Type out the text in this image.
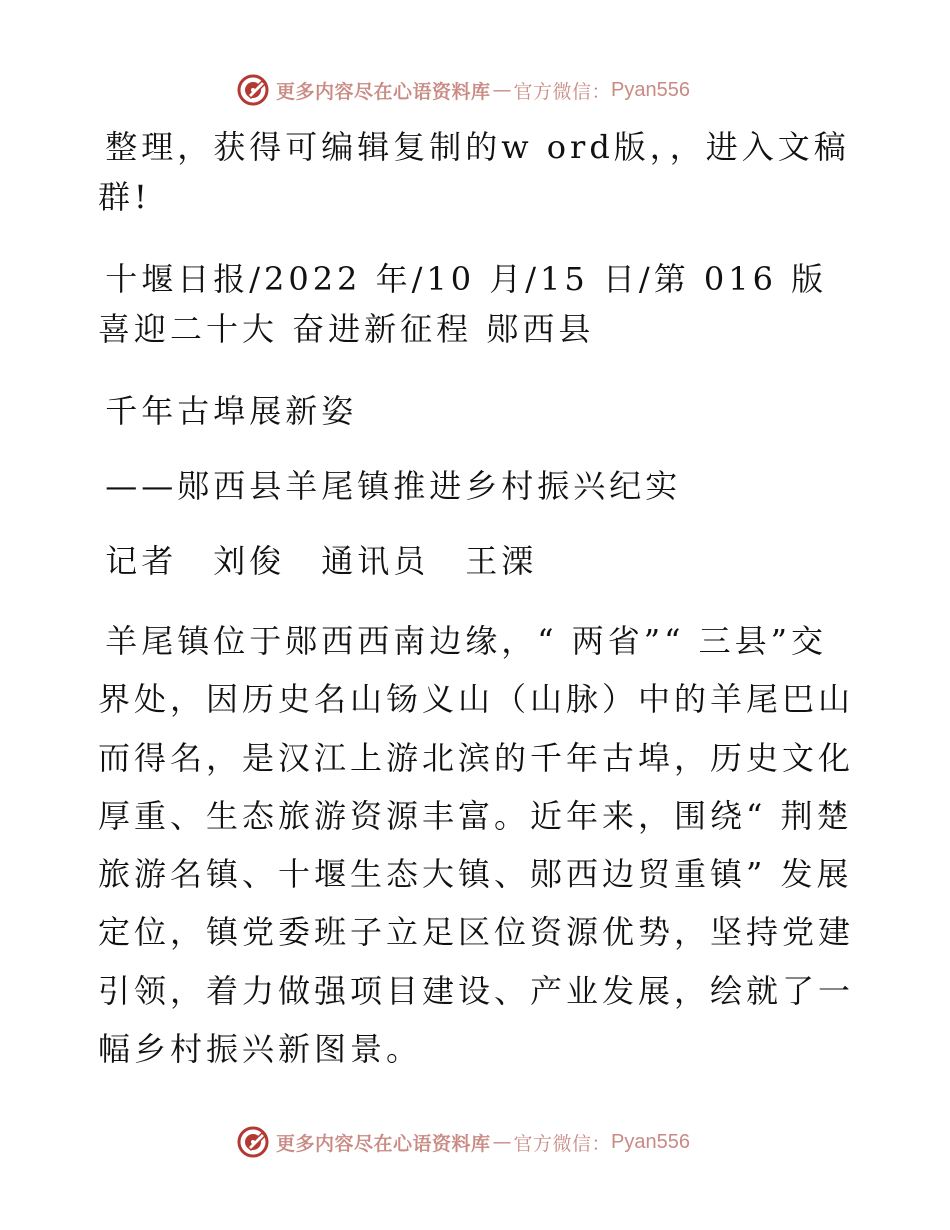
更多内容尽在心语资料库 — 官方微信： Pyan556
 整理，获得可编辑复制的w ord版，，进入文稿群!
 十堰日报/2022 年/10 月/15 日/第 016 版喜迎二十大 奋进新征程 郧西县
 千年古埠展新姿
 ——郧西县羊尾镇推进乡村振兴纪实
 记者　刘俊　通讯员　王溧
 羊尾镇位于郧西西南边缘，“ 两省”“ 三县”交界处，因历史名山钖义山（山脉）中的羊尾巴山而得名，是汉江上游北滨的千年古埠，历史文化厚重、生态旅游资源丰富。近年来，围绕“ 荆楚旅游名镇、十堰生态大镇、郧西边贸重镇” 发展定位，镇党委班子立足区位资源优势，坚持党建引领，着力做强项目建设、产业发展，绘就了一幅乡村振兴新图景。
更多内容尽在心语资料库 — 官方微信： Pyan556
